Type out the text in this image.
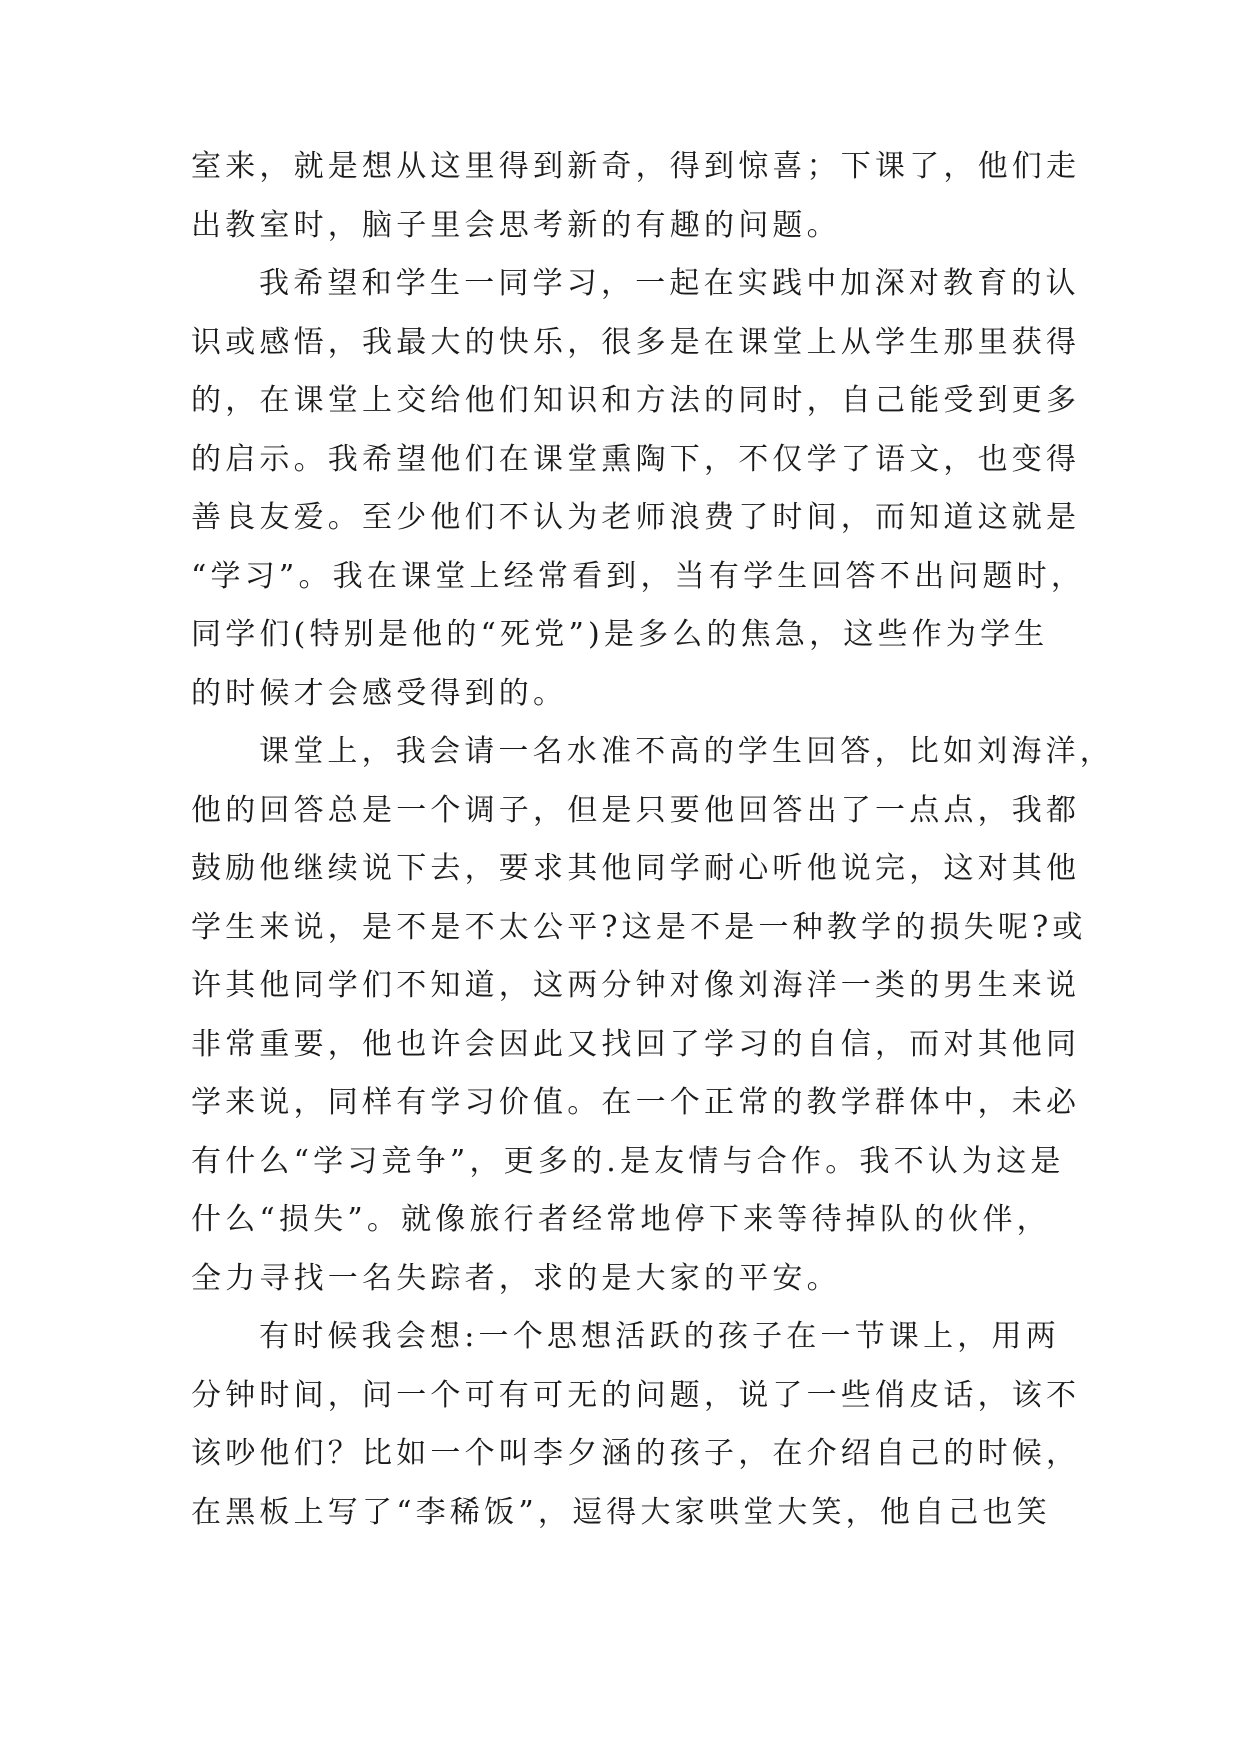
室来，就是想从这里得到新奇，得到惊喜；下课了，他们走
出教室时，脑子里会思考新的有趣的问题。
我希望和学生一同学习，一起在实践中加深对教育的认
识或感悟，我最大的快乐，很多是在课堂上从学生那里获得
的，在课堂上交给他们知识和方法的同时，自己能受到更多
的启示。我希望他们在课堂熏陶下，不仅学了语文，也变得
善良友爱。至少他们不认为老师浪费了时间，而知道这就是
“学习”。我在课堂上经常看到，当有学生回答不出问题时，
同学们(特别是他的“死党”)是多么的焦急，这些作为学生
的时候才会感受得到的。
课堂上，我会请一名水准不高的学生回答，比如刘海洋，
他的回答总是一个调子，但是只要他回答出了一点点，我都
鼓励他继续说下去，要求其他同学耐心听他说完，这对其他
学生来说，是不是不太公平?这是不是一种教学的损失呢?或
许其他同学们不知道，这两分钟对像刘海洋一类的男生来说
非常重要，他也许会因此又找回了学习的自信，而对其他同
学来说，同样有学习价值。在一个正常的教学群体中，未必
有什么“学习竞争”，更多的.是友情与合作。我不认为这是
什么“损失”。就像旅行者经常地停下来等待掉队的伙伴，
全力寻找一名失踪者，求的是大家的平安。
有时候我会想:一个思想活跃的孩子在一节课上，用两
分钟时间，问一个可有可无的问题，说了一些俏皮话，该不
该吵他们？比如一个叫李夕涵的孩子，在介绍自己的时候，
在黑板上写了“李稀饭”，逗得大家哄堂大笑，他自己也笑
